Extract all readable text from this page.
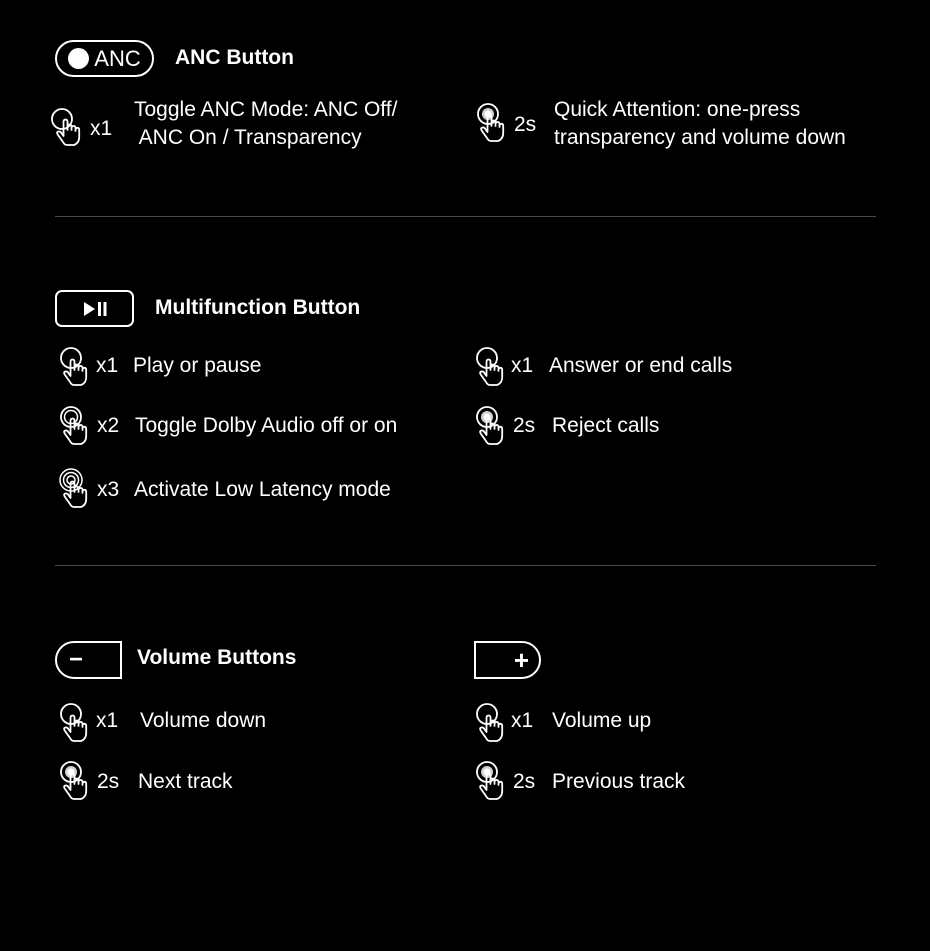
ANC ANC Button
x1
Toggle ANC Mode: ANC Off/
ANC On / Transparency
2s
Quick Attention: one-press
transparency and volume down
Multifunction Button
x1 Play or pause
x2 Toggle Dolby Audio off or on
x3 Activate Low Latency mode
x1 Answer or end calls
2s Reject calls
−	Volume Buttons	+
x1 Volume down
2s Next track
x1 Volume up
2s Previous track
